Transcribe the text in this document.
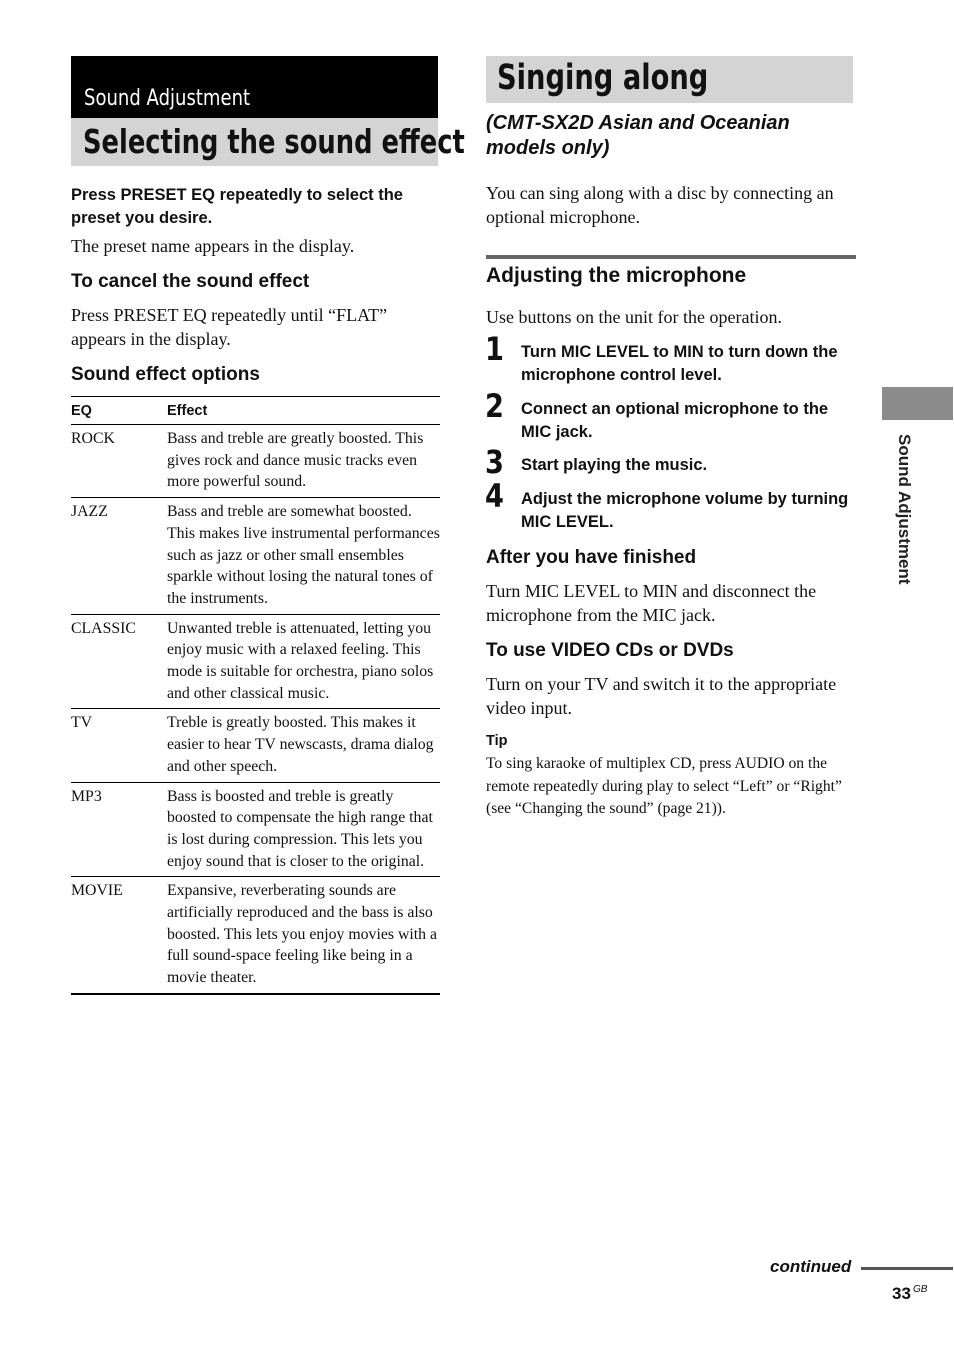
Sound Adjustment
Selecting the sound effect
Press PRESET EQ repeatedly to select the preset you desire.
The preset name appears in the display.
To cancel the sound effect
Press PRESET EQ repeatedly until “FLAT” appears in the display.
Sound effect options
EQ	Effect
ROCK	Bass and treble are greatly boosted. This gives rock and dance music tracks even more powerful sound.
JAZZ	Bass and treble are somewhat boosted. This makes live instrumental performances such as jazz or other small ensembles sparkle without losing the natural tones of the instruments.
CLASSIC	Unwanted treble is attenuated, letting you enjoy music with a relaxed feeling. This mode is suitable for orchestra, piano solos and other classical music.
TV	Treble is greatly boosted. This makes it easier to hear TV newscasts, drama dialog and other speech.
MP3	Bass is boosted and treble is greatly boosted to compensate the high range that is lost during compression. This lets you enjoy sound that is closer to the original.
MOVIE	Expansive, reverberating sounds are artificially reproduced and the bass is also boosted. This lets you enjoy movies with a full sound-space feeling like being in a movie theater.
Singing along
(CMT-SX2D Asian and Oceanian models only)
You can sing along with a disc by connecting an optional microphone.
Adjusting the microphone
Use buttons on the unit for the operation.
1 Turn MIC LEVEL to MIN to turn down the microphone control level.
2 Connect an optional microphone to the MIC jack.
3 Start playing the music.
4 Adjust the microphone volume by turning MIC LEVEL.
After you have finished
Turn MIC LEVEL to MIN and disconnect the microphone from the MIC jack.
To use VIDEO CDs or DVDs
Turn on your TV and switch it to the appropriate video input.
Tip
To sing karaoke of multiplex CD, press AUDIO on the remote repeatedly during play to select “Left” or “Right” (see “Changing the sound” (page 21)).
Sound Adjustment
continued
33 GB
